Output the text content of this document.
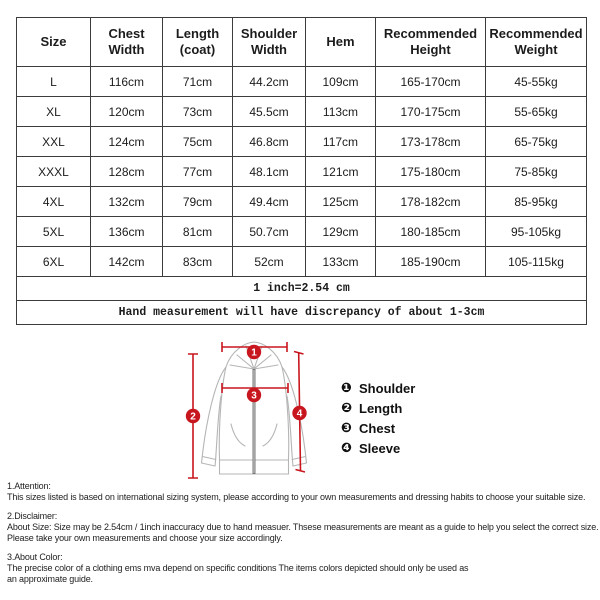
Size	Chest Width	Length (coat)	Shoulder Width	Hem	Recommended Height	Recommended Weight
L	116cm	71cm	44.2cm	109cm	165-170cm	45-55kg
XL	120cm	73cm	45.5cm	113cm	170-175cm	55-65kg
XXL	124cm	75cm	46.8cm	117cm	173-178cm	65-75kg
XXXL	128cm	77cm	48.1cm	121cm	175-180cm	75-85kg
4XL	132cm	79cm	49.4cm	125cm	178-182cm	85-95kg
5XL	136cm	81cm	50.7cm	129cm	180-185cm	95-105kg
6XL	142cm	83cm	52cm	133cm	185-190cm	105-115kg
1 inch=2.54 cm						
Hand measurement will have discrepancy of about 1-3cm						
1
2
3
4
❶ Shoulder
❷ Length
❸ Chest
❹ Sleeve
1.Attention:
This sizes listed is based on international sizing system, please according to your own measurements and dressing habits to choose your suitable size.
2.Disclaimer:
About Size: Size may be 2.54cm / 1inch inaccuracy due to hand measuer. Thsese measurements are meant as a guide to help you select the correct size.
Please take your own measurements and choose your size accordingly.
3.About Color:
The precise color of a clothing ems mva depend on specific conditions The items colors depicted should only be used as
an approximate guide.
